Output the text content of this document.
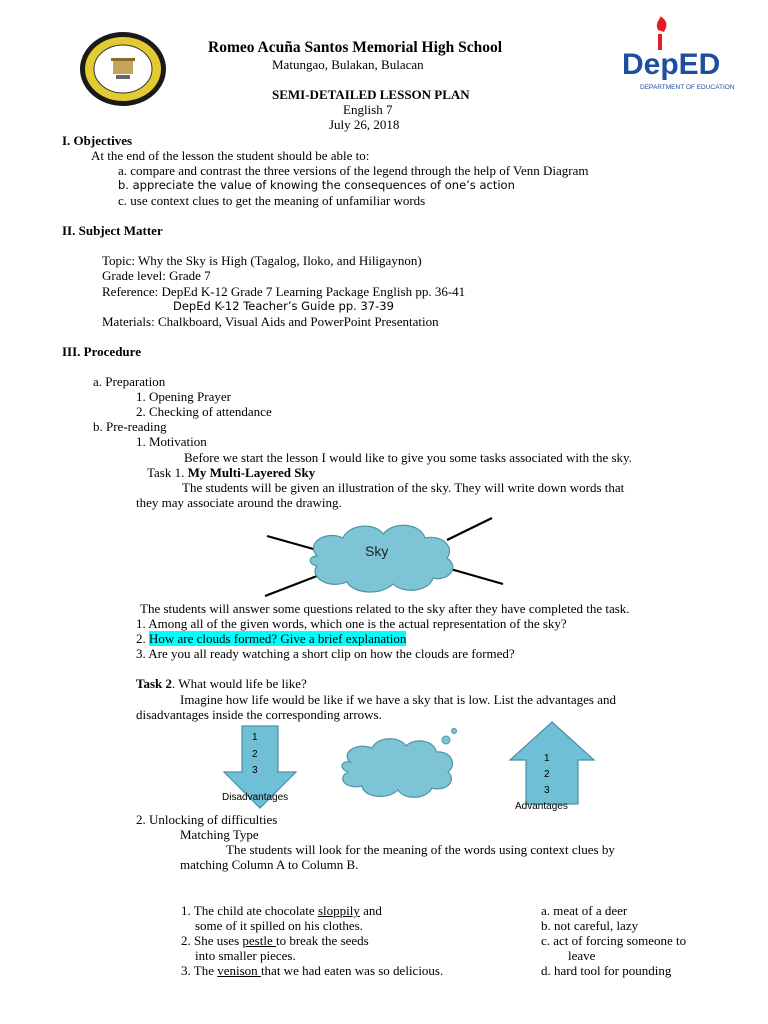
DepED
DEPARTMENT OF EDUCATION
Romeo Acuña Santos Memorial High School
Matungao, Bulakan, Bulacan
SEMI-DETAILED LESSON PLAN
English 7
July 26, 2018
I. Objectives
At the end of the lesson the student should be able to:
a. compare and contrast the three versions of the legend through the help of Venn Diagram
b. appreciate the value of knowing the consequences of one’s action
c. use context clues to get the meaning of unfamiliar words
II. Subject Matter
Topic: Why the Sky is High (Tagalog, Iloko, and Hiligaynon)
Grade level: Grade 7
Reference: DepEd K-12 Grade 7 Learning Package English pp. 36-41
DepEd K-12 Teacher’s Guide pp. 37-39
Materials: Chalkboard, Visual Aids and PowerPoint Presentation
III. Procedure
a. Preparation
1. Opening Prayer
2. Checking of attendance
b. Pre-reading
1. Motivation
Before we start the lesson I would like to give you some tasks associated with the sky.
Task 1. My Multi-Layered Sky
The students will be given an illustration of the sky. They will write down words that
they may associate around the drawing.
Sky
The students will answer some questions related to the sky after they have completed the task.
1. Among all of the given words, which one is the actual representation of the sky?
2. How are clouds formed? Give a brief explanation
3. Are you all ready watching a short clip on how the clouds are formed?
Task 2. What would life be like?
Imagine how life would be like if we have a sky that is low. List the advantages and
disadvantages inside the corresponding arrows.
1
2
3
Disadvantages
1
2
3
Advantages
2. Unlocking of difficulties
Matching Type
The students will look for the meaning of the words using context clues by
matching Column A to Column B.
1. The child ate chocolate sloppily and
some of it spilled on his clothes.
2. She uses pestle to break the seeds
into smaller pieces.
3. The venison that we had eaten was so delicious.
a. meat of a deer
b. not careful, lazy
c. act of forcing someone to
leave
d. hard tool for pounding
